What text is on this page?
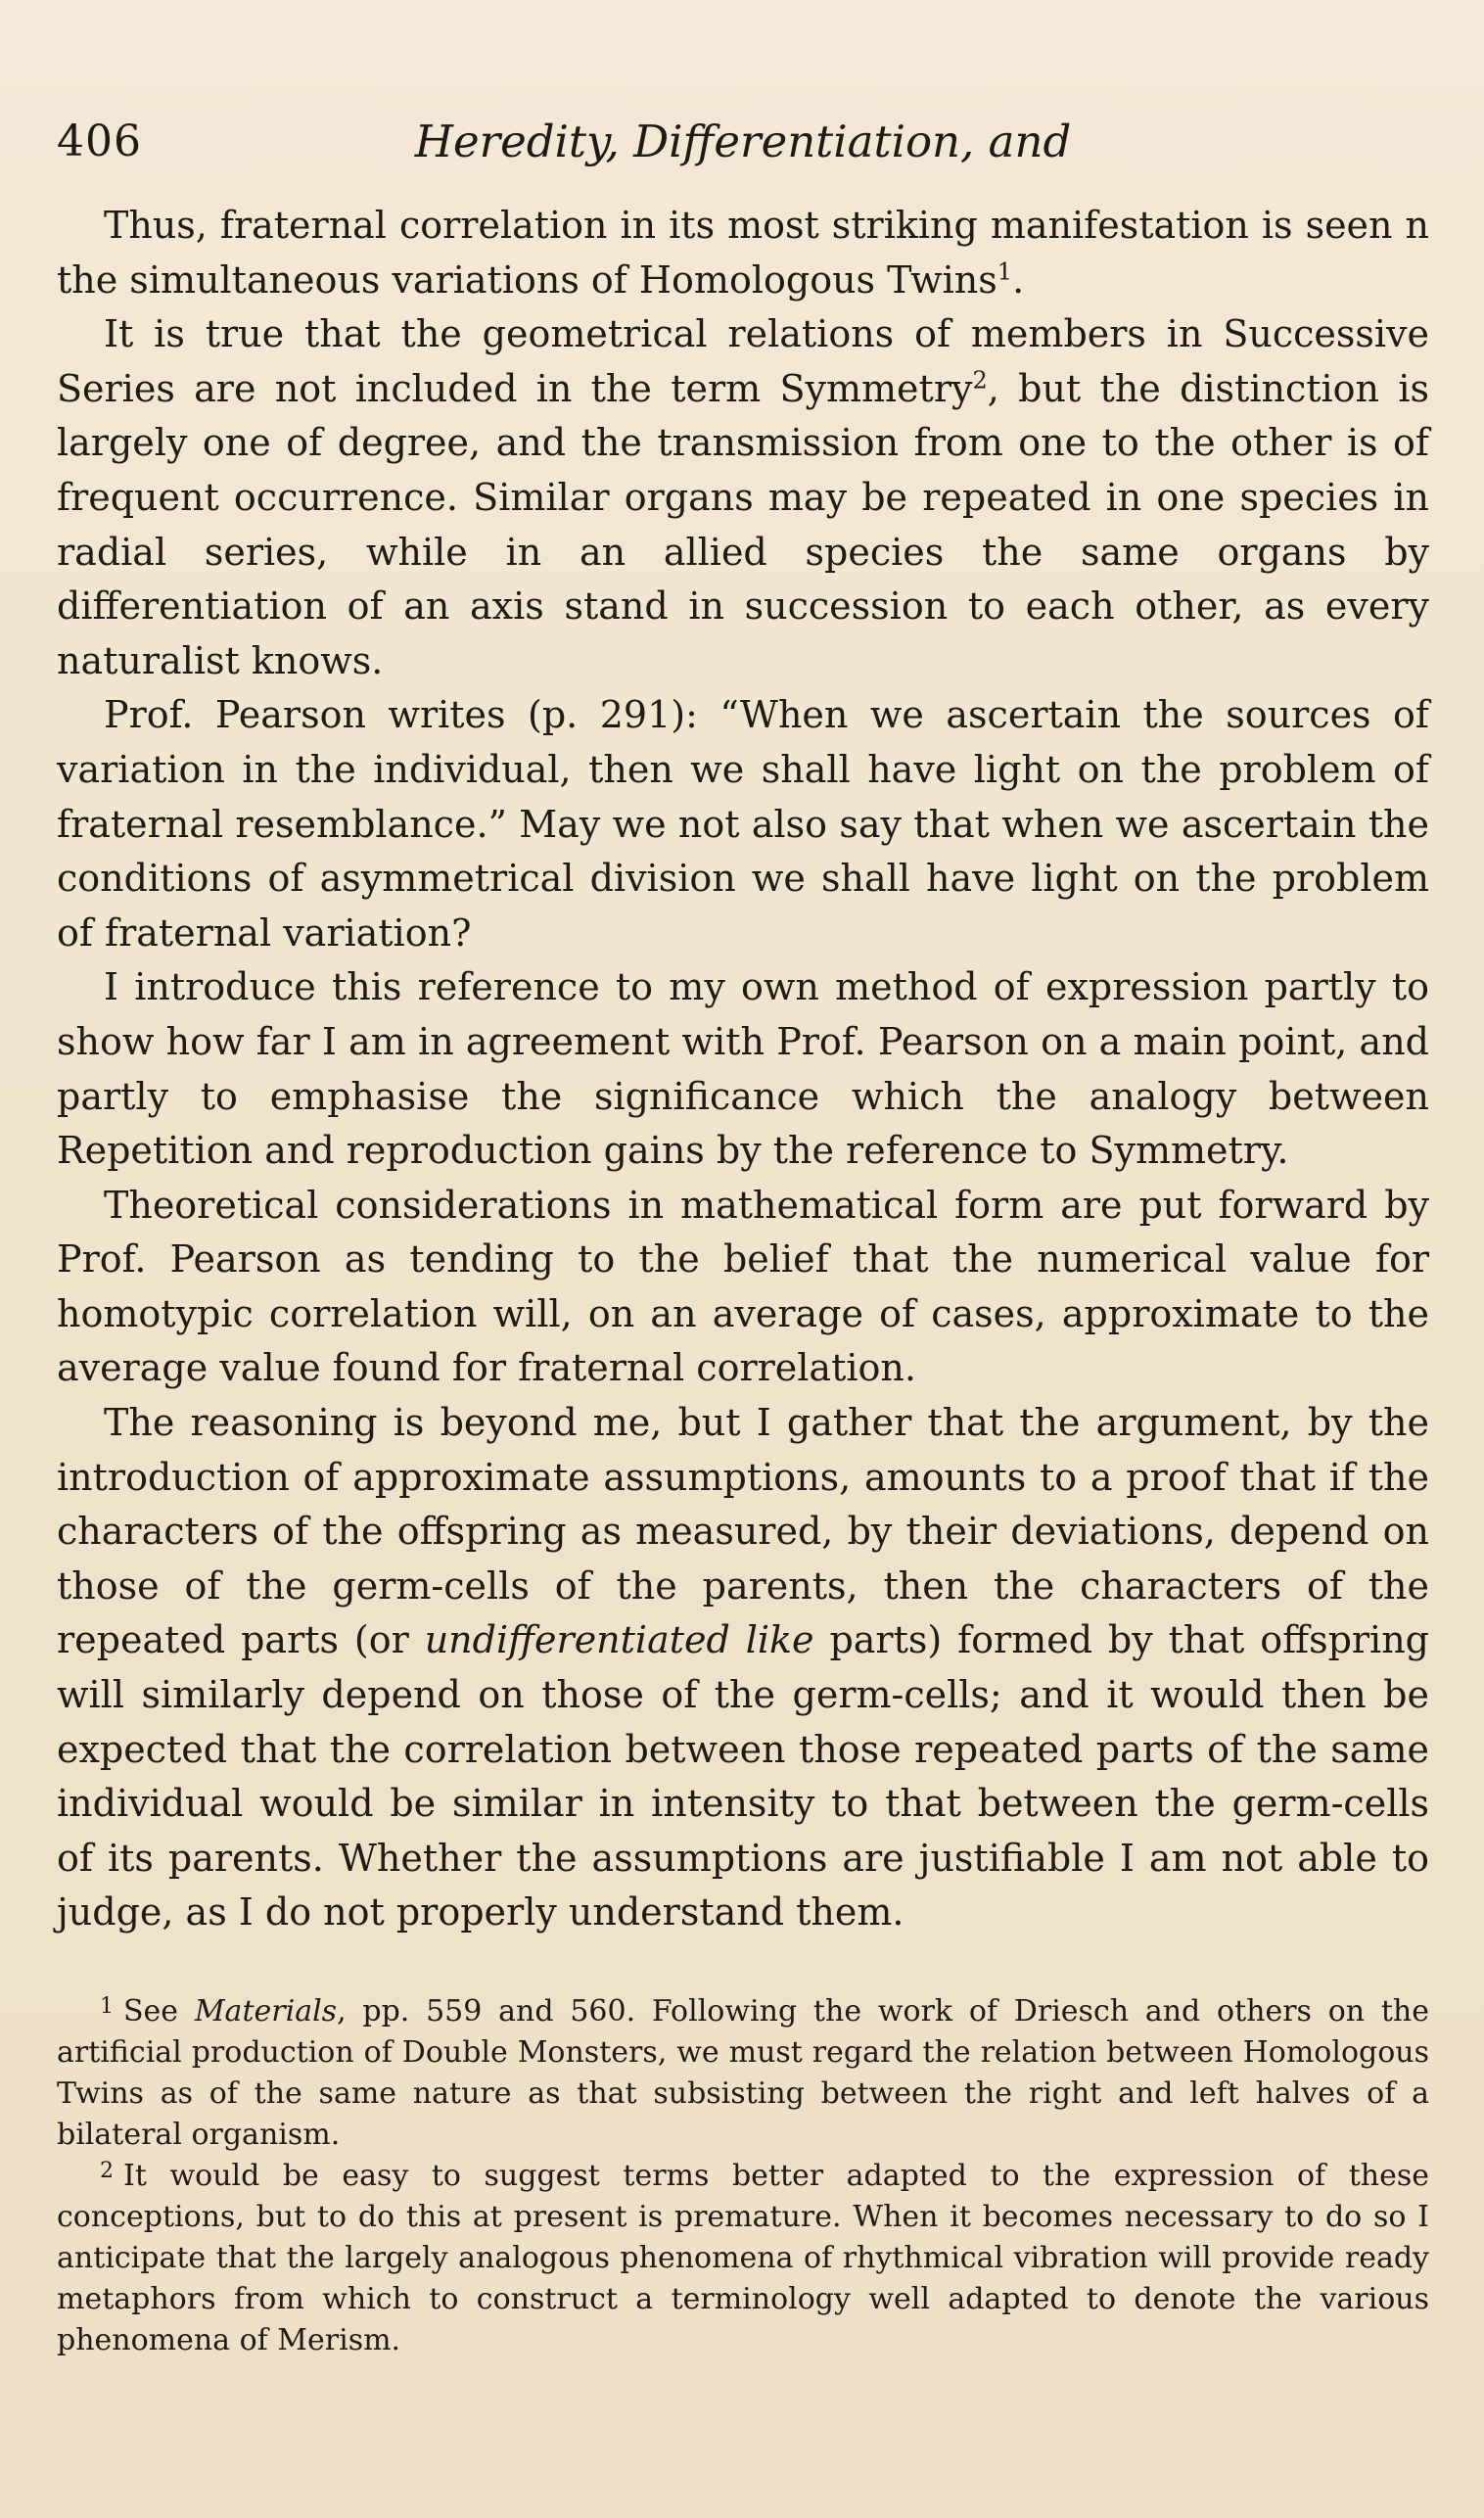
406	Heredity, Differentiation, and

Thus, fraternal correlation in its most striking manifestation is seen n the simultaneous variations of Homologous Twins$^1$.

It is true that the geometrical relations of members in Successive Series are not included in the term Symmetry$^2$, but the distinction is largely one of degree, and the transmission from one to the other is of frequent occurrence. Similar organs may be repeated in one species in radial series, while in an allied species the same organs by differentiation of an axis stand in succession to each other, as every naturalist knows.

Prof. Pearson writes (p. 291): “When we ascertain the sources of variation in the individual, then we shall have light on the problem of fraternal resemblance.” May we not also say that when we ascertain the conditions of asymmetrical division we shall have light on the problem of fraternal variation?

I introduce this reference to my own method of expression partly to show how far I am in agreement with Prof. Pearson on a main point, and partly to emphasise the significance which the analogy between Repetition and reproduction gains by the reference to Symmetry.

Theoretical considerations in mathematical form are put forward by Prof. Pearson as tending to the belief that the numerical value for homotypic correlation will, on an average of cases, approximate to the average value found for fraternal correlation.

The reasoning is beyond me, but I gather that the argument, by the introduction of approximate assumptions, amounts to a proof that if the characters of the offspring as measured, by their deviations, depend on those of the germ-cells of the parents, then the characters of the repeated parts (or undifferentiated like parts) formed by that offspring will similarly depend on those of the germ-cells; and it would then be expected that the correlation between those repeated parts of the same individual would be similar in intensity to that between the germ-cells of its parents. Whether the assumptions are justifiable I am not able to judge, as I do not properly understand them.

$^1$ See Materials, pp. 559 and 560. Following the work of Driesch and others on the artificial production of Double Monsters, we must regard the relation between Homologous Twins as of the same nature as that subsisting between the right and left halves of a bilateral organism.

$^2$ It would be easy to suggest terms better adapted to the expression of these conceptions, but to do this at present is premature. When it becomes necessary to do so I anticipate that the largely analogous phenomena of rhythmical vibration will provide ready metaphors from which to construct a terminology well adapted to denote the various phenomena of Merism.
